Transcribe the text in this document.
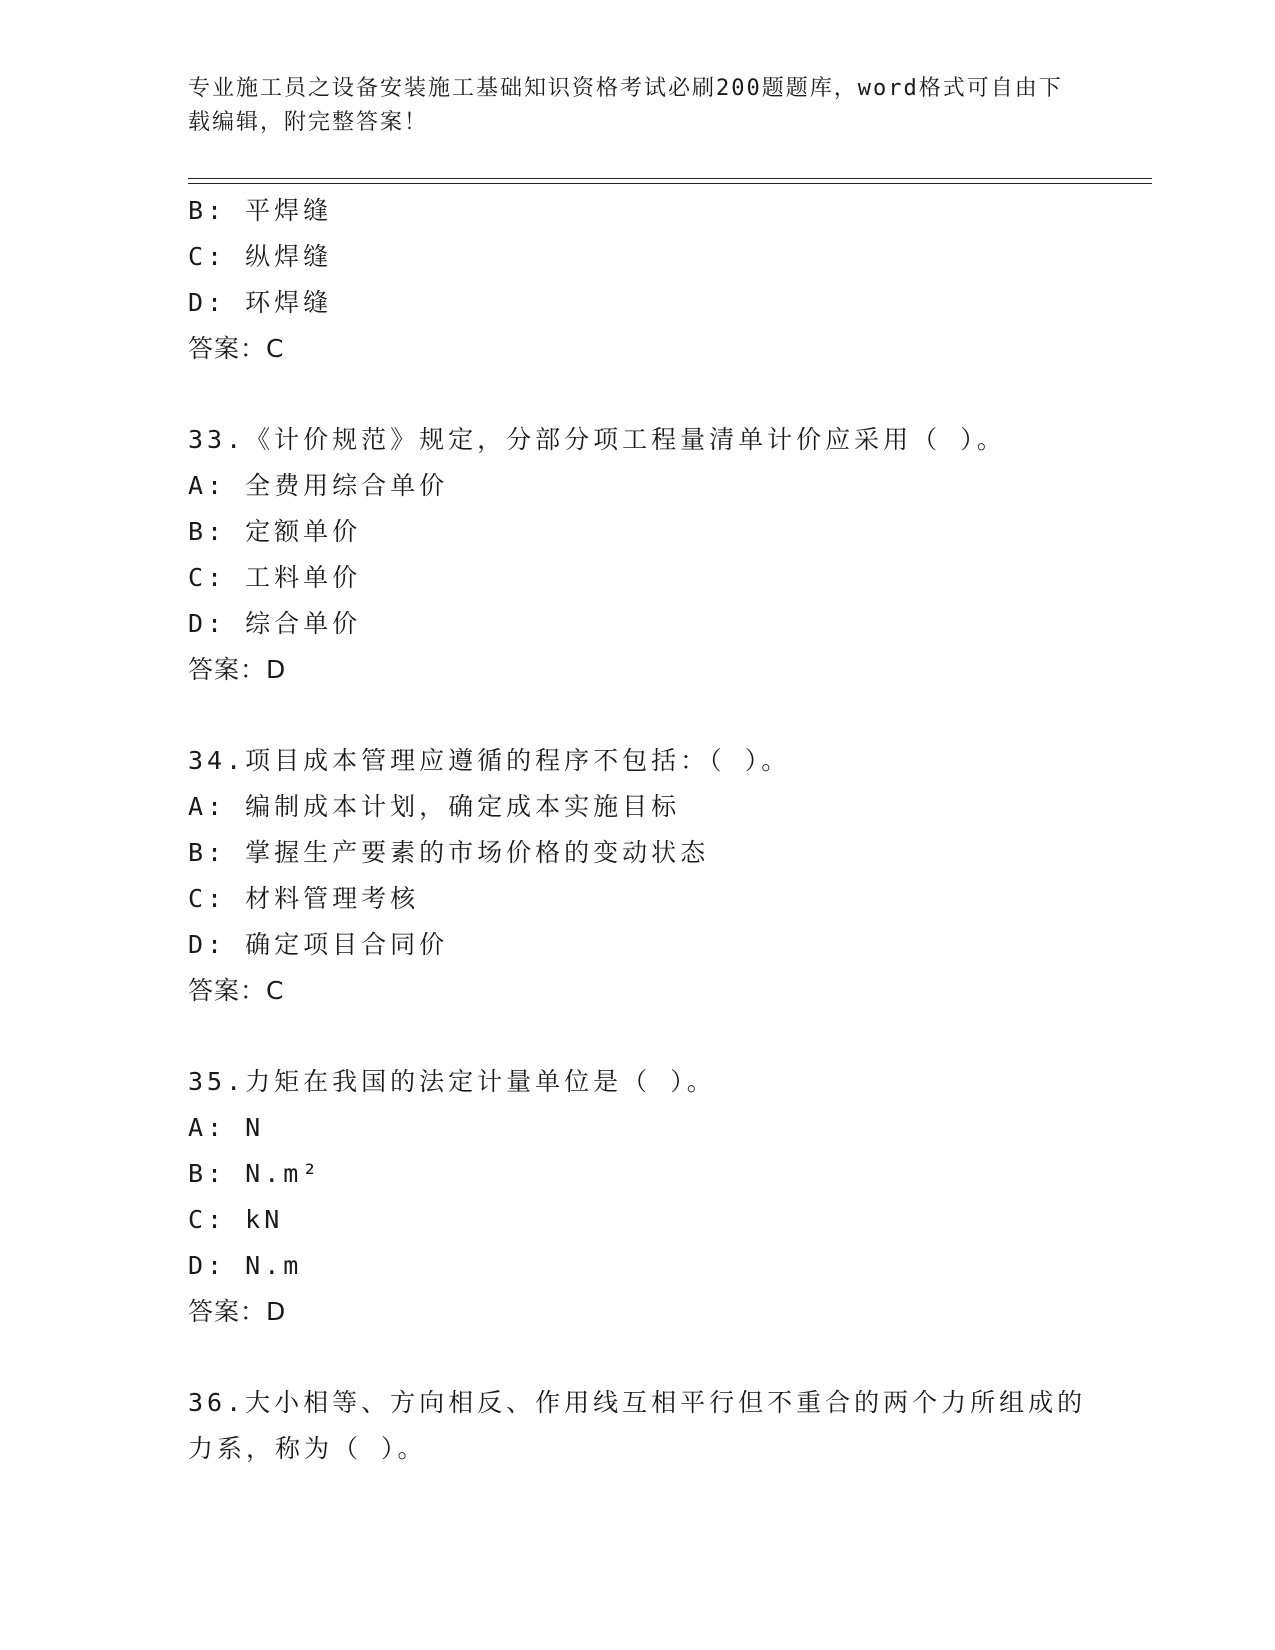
专业施工员之设备安装施工基础知识资格考试必刷200题题库，word格式可自由下载编辑，附完整答案！
B: 平焊缝
C: 纵焊缝
D: 环焊缝
答案：C
33.《计价规范》规定，分部分项工程量清单计价应采用（ ）。
A: 全费用综合单价
B: 定额单价
C: 工料单价
D: 综合单价
答案：D
34.项目成本管理应遵循的程序不包括：（ ）。
A: 编制成本计划，确定成本实施目标
B: 掌握生产要素的市场价格的变动状态
C: 材料管理考核
D: 确定项目合同价
答案：C
35.力矩在我国的法定计量单位是（ ）。
A: N
B: N.m²
C: kN
D: N.m
答案：D
36.大小相等、方向相反、作用线互相平行但不重合的两个力所组成的力系，称为（ ）。
